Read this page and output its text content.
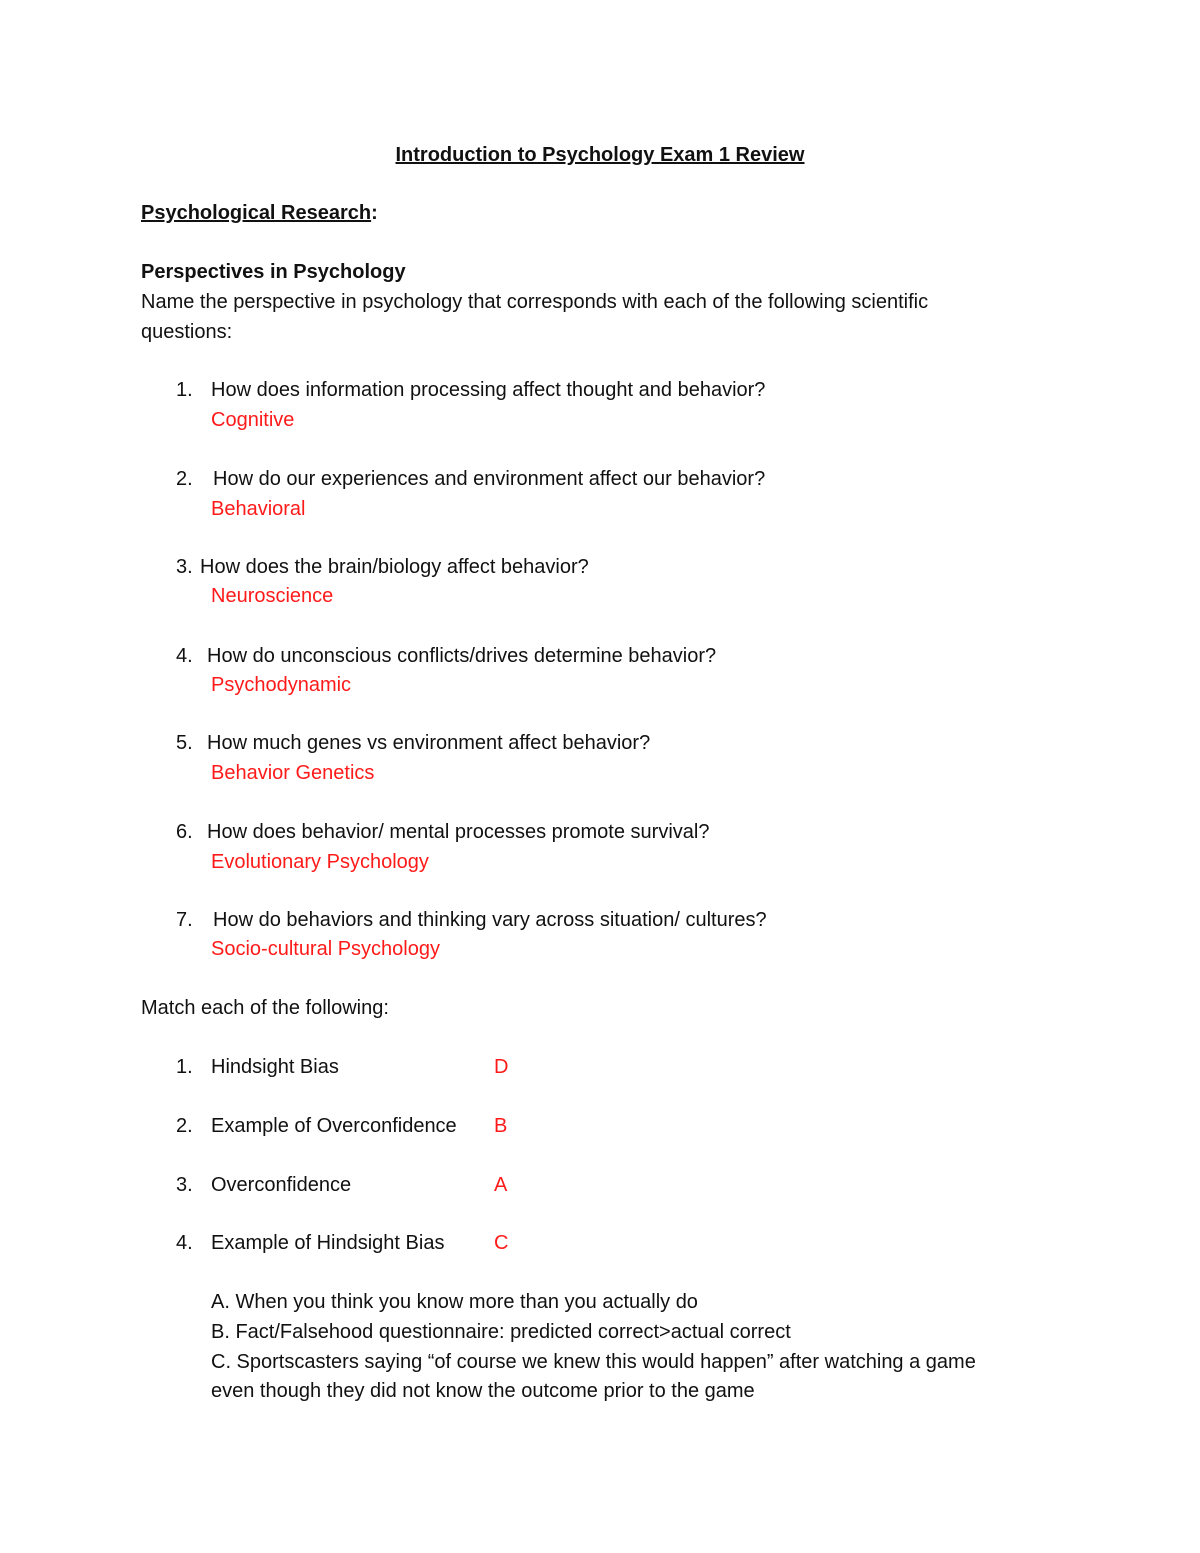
Introduction to Psychology Exam 1 Review
Psychological Research:
Perspectives in Psychology
Name the perspective in psychology that corresponds with each of the following scientific
questions:
1. How does information processing affect thought and behavior?
Cognitive
2. How do our experiences and environment affect our behavior?
Behavioral
3. How does the brain/biology affect behavior?
Neuroscience
4. How do unconscious conflicts/drives determine behavior?
Psychodynamic
5. How much genes vs environment affect behavior?
Behavior Genetics
6. How does behavior/ mental processes promote survival?
Evolutionary Psychology
7. How do behaviors and thinking vary across situation/ cultures?
Socio-cultural Psychology
Match each of the following:
1. Hindsight Bias	D
2. Example of Overconfidence B
3. Overconfidence	A
4. Example of Hindsight Bias C
A. When you think you know more than you actually do
B. Fact/Falsehood questionnaire: predicted correct>actual correct
C. Sportscasters saying “of course we knew this would happen” after watching a game
even though they did not know the outcome prior to the game
